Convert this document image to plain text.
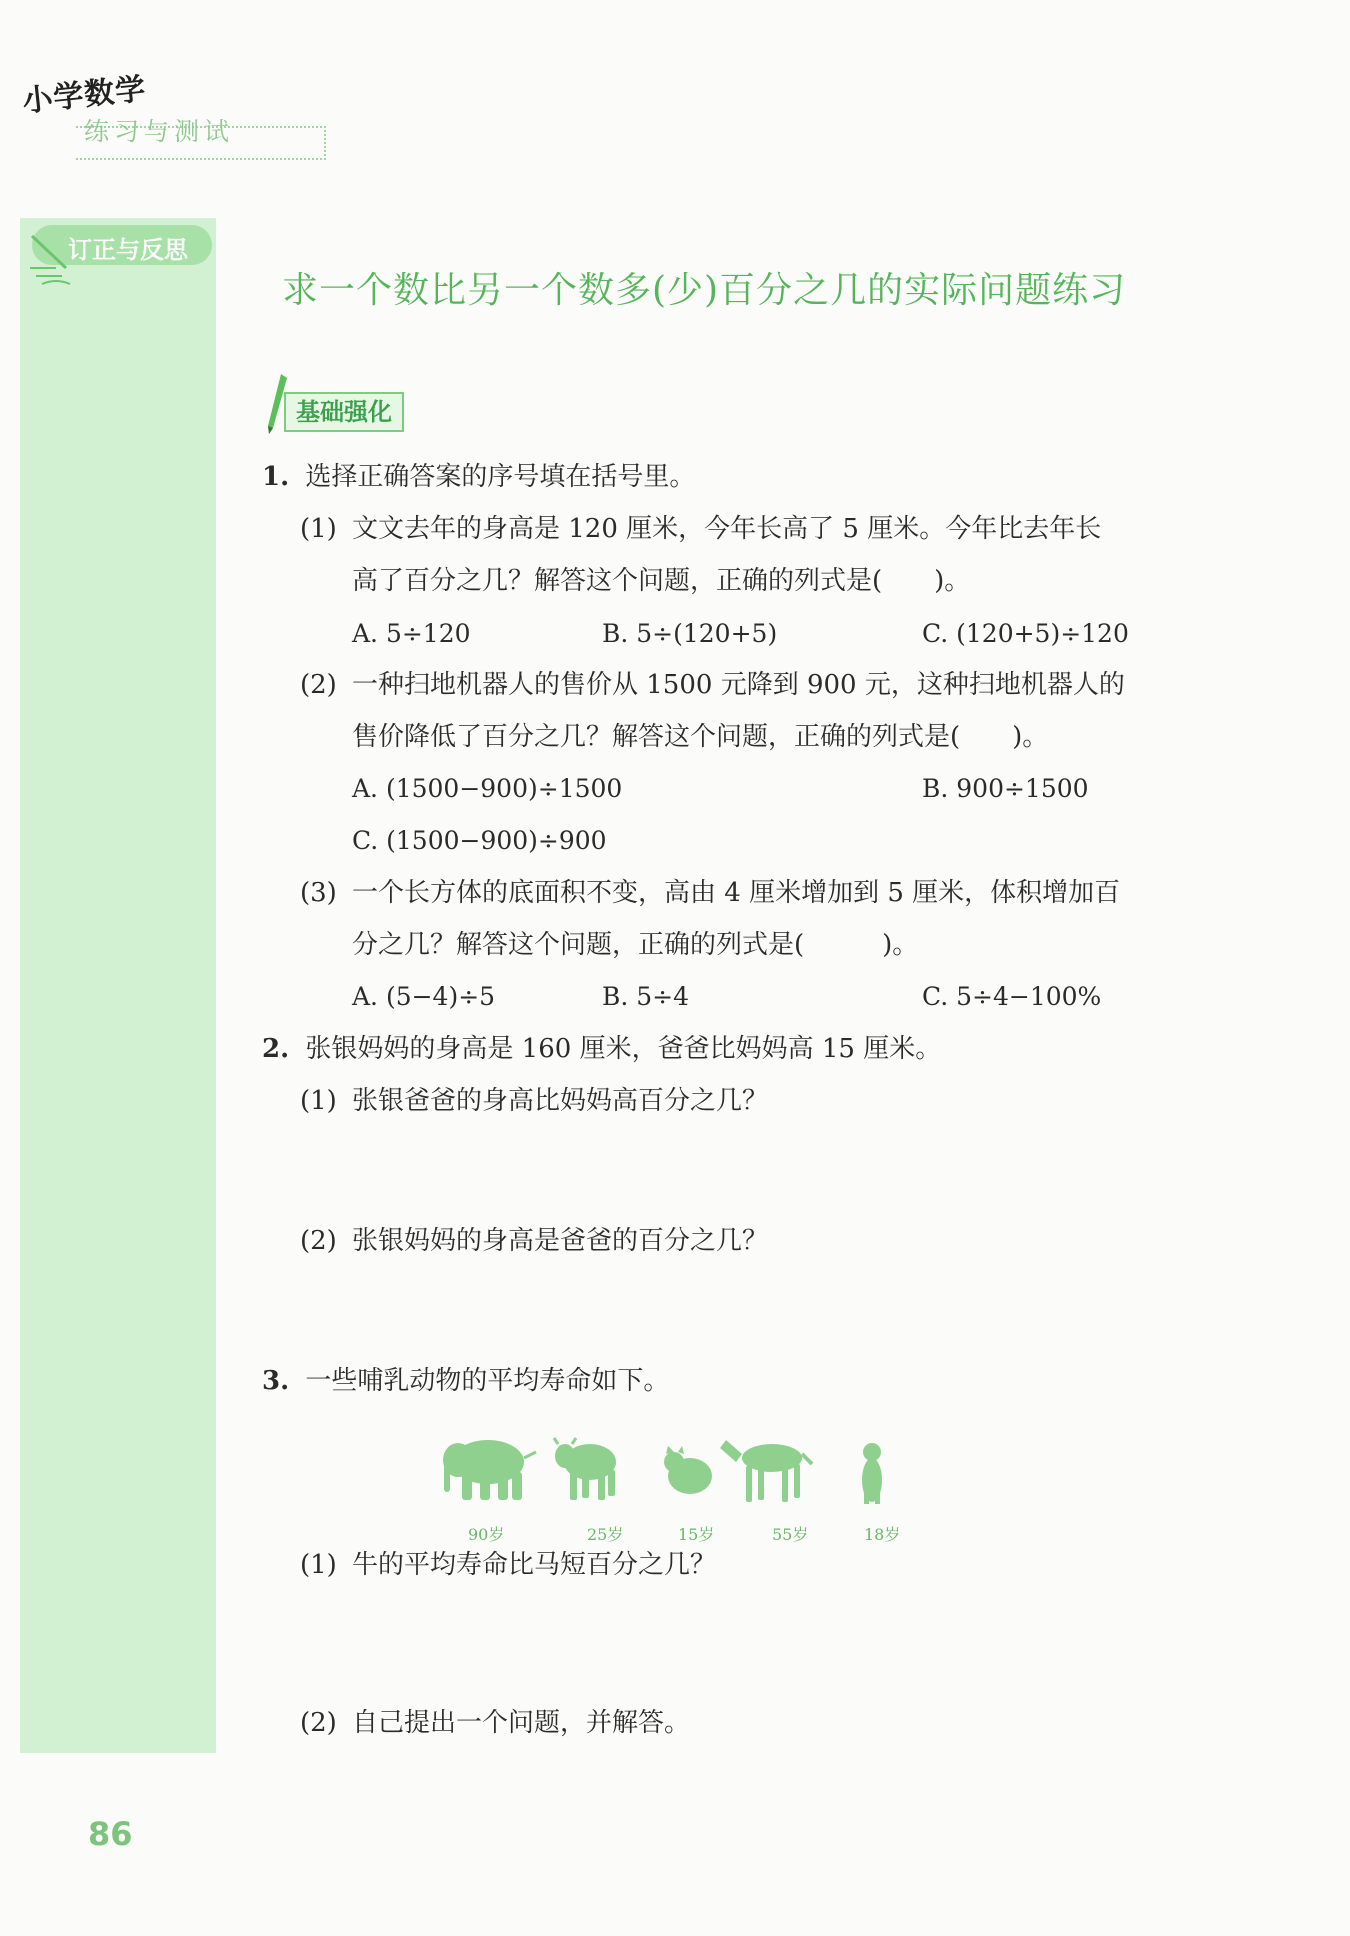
小学数学
练习与测试
订正与反思
求一个数比另一个数多(少)百分之几的实际问题练习
基础强化
1. 选择正确答案的序号填在括号里。
(1) 文文去年的身高是 120 厘米，今年长高了 5 厘米。今年比去年长
高了百分之几？解答这个问题，正确的列式是(　　)。
A. 5÷120	B. 5÷(120+5)	C. (120+5)÷120
(2) 一种扫地机器人的售价从 1500 元降到 900 元，这种扫地机器人的
售价降低了百分之几？解答这个问题，正确的列式是(　　)。
A. (1500−900)÷1500	B. 900÷1500
C. (1500−900)÷900
(3) 一个长方体的底面积不变，高由 4 厘米增加到 5 厘米，体积增加百
分之几？解答这个问题，正确的列式是(　　　)。
A. (5−4)÷5	B. 5÷4	C. 5÷4−100%
2. 张银妈妈的身高是 160 厘米，爸爸比妈妈高 15 厘米。
(1) 张银爸爸的身高比妈妈高百分之几？
(2) 张银妈妈的身高是爸爸的百分之几？
3. 一些哺乳动物的平均寿命如下。
90岁	25岁	15岁	55岁	18岁
(1) 牛的平均寿命比马短百分之几？
(2) 自己提出一个问题，并解答。
86
